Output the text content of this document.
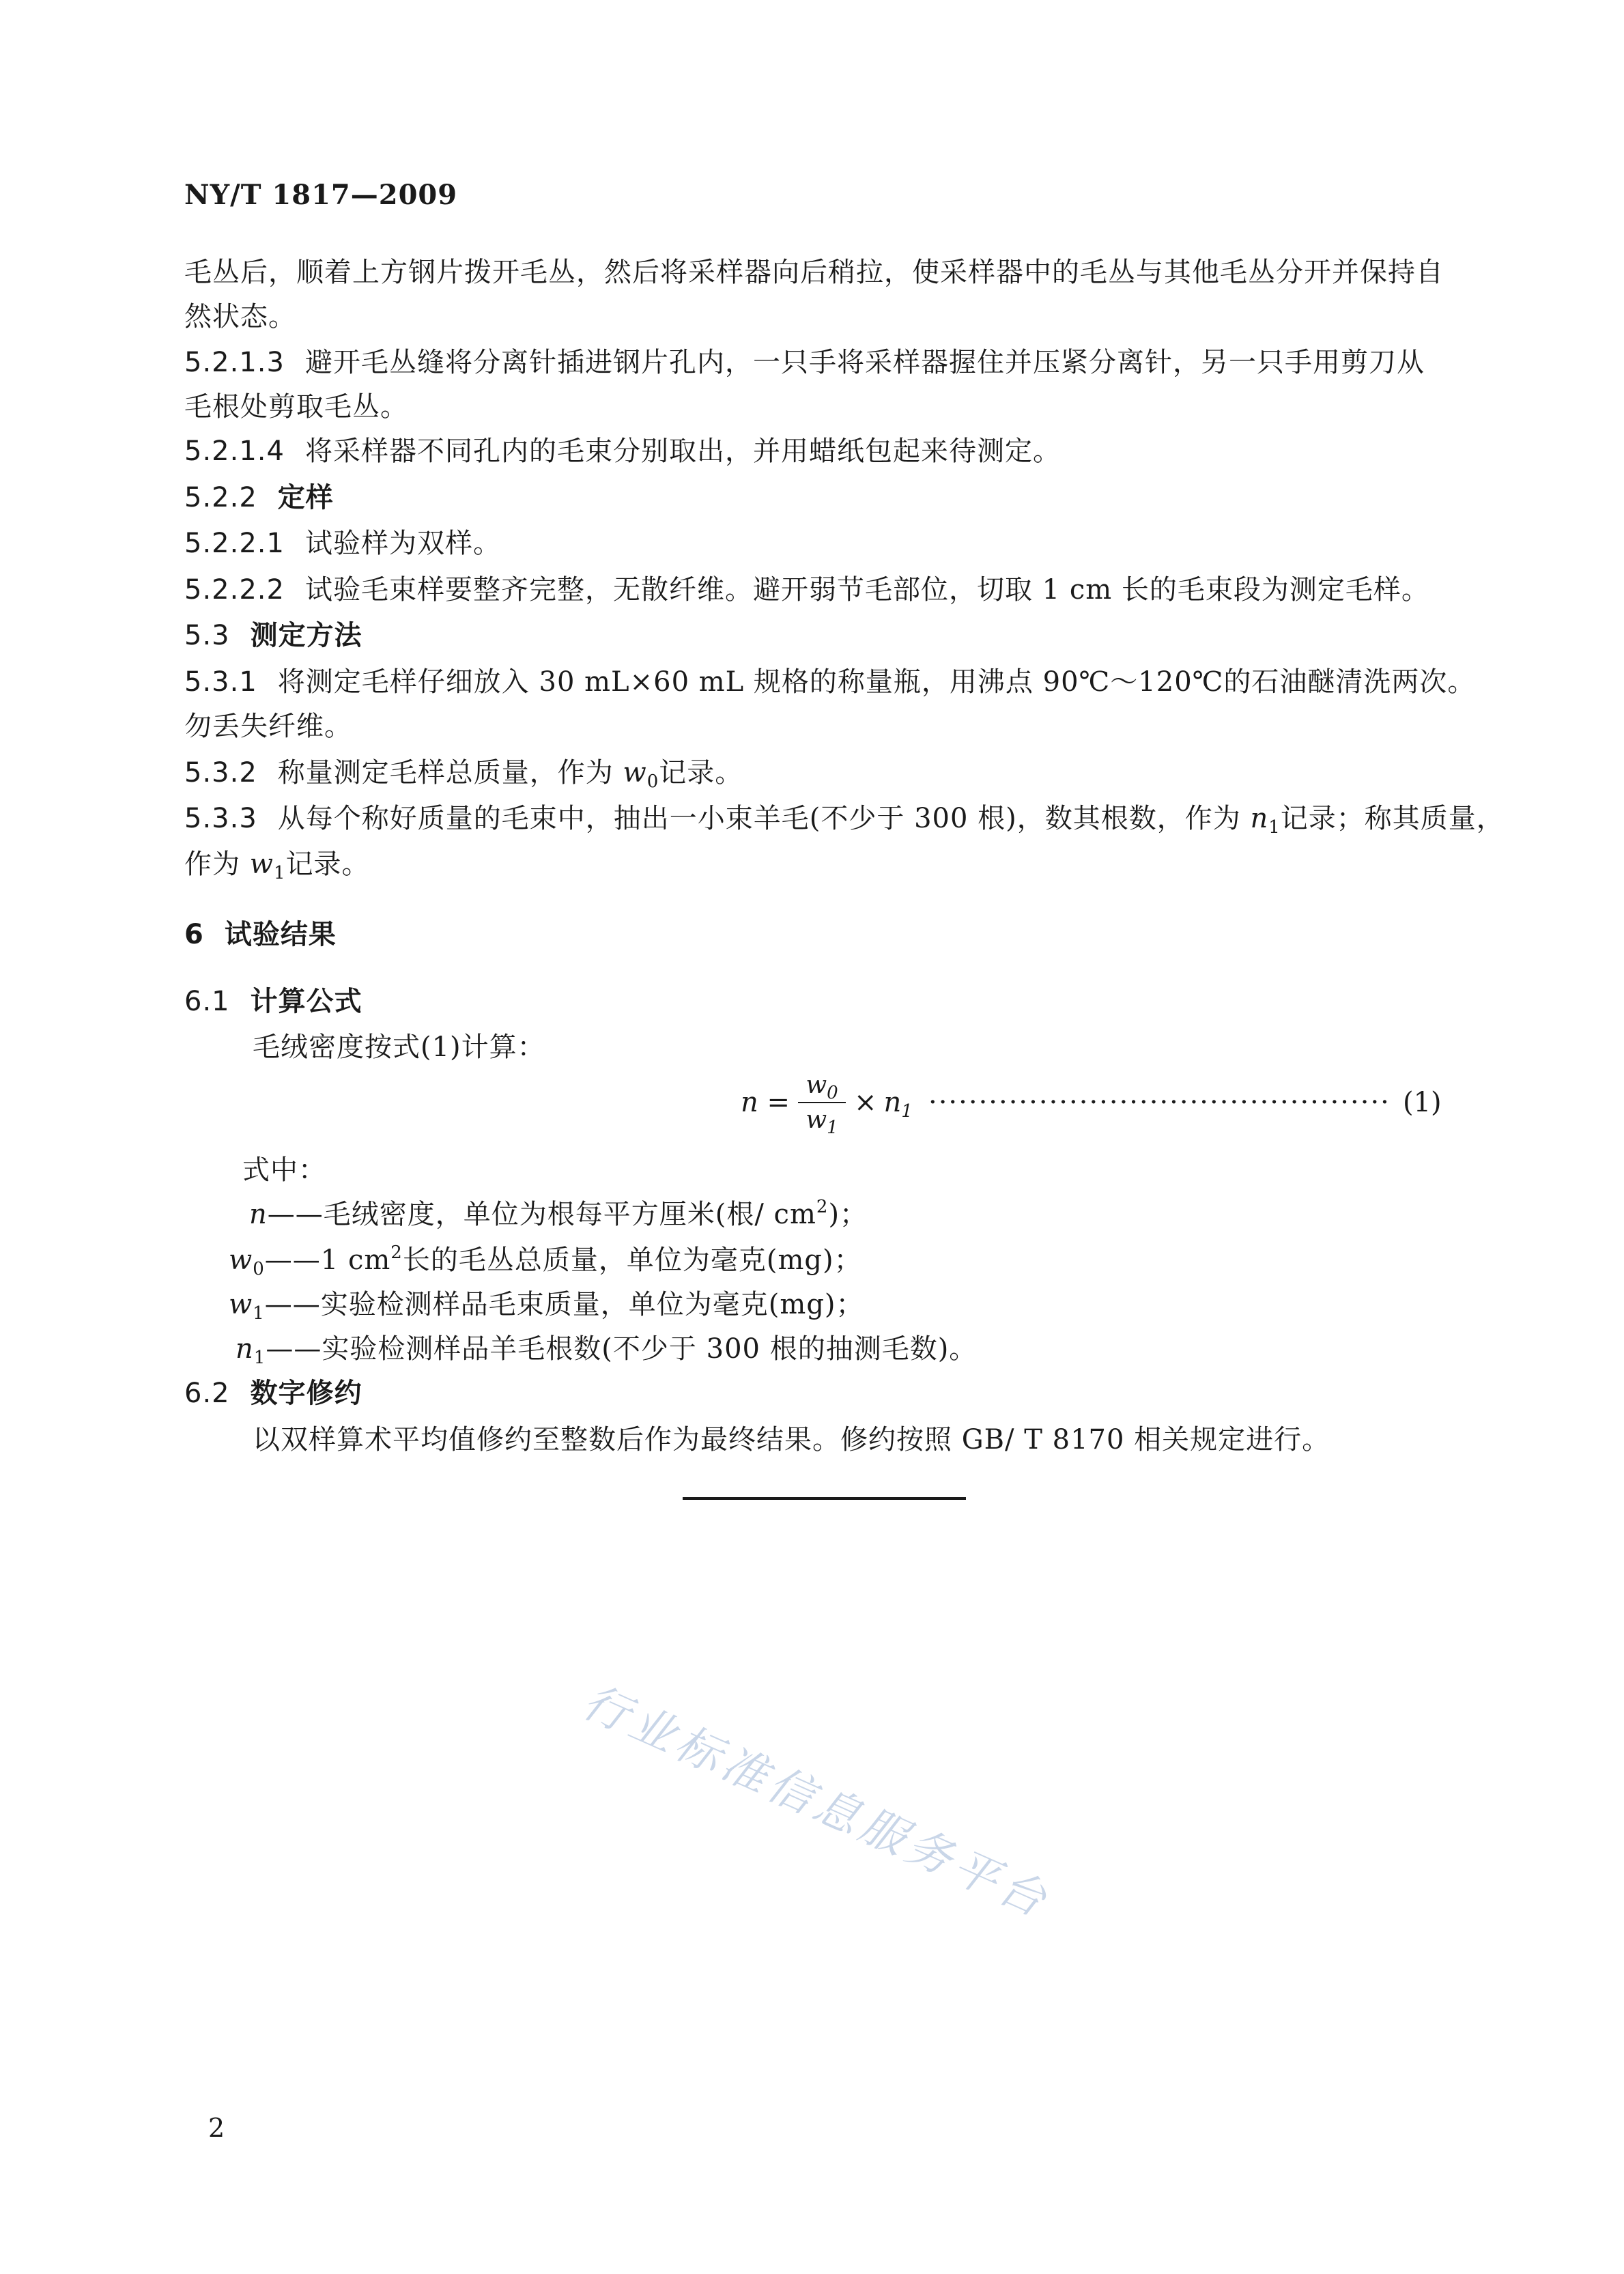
NY/T 1817—2009
毛丛后，顺着上方钢片拨开毛丛，然后将采样器向后稍拉，使采样器中的毛丛与其他毛丛分开并保持自
然状态。
5.2.1.3 避开毛丛缝将分离针插进钢片孔内，一只手将采样器握住并压紧分离针，另一只手用剪刀从
毛根处剪取毛丛。
5.2.1.4 将采样器不同孔内的毛束分别取出，并用蜡纸包起来待测定。
5.2.2 定样
5.2.2.1 试验样为双样。
5.2.2.2 试验毛束样要整齐完整，无散纤维。避开弱节毛部位，切取 1 cm 长的毛束段为测定毛样。
5.3 测定方法
5.3.1 将测定毛样仔细放入 30 mL×60 mL 规格的称量瓶，用沸点 90℃～120℃的石油醚清洗两次。
勿丢失纤维。
5.3.2 称量测定毛样总质量，作为 $w_0$记录。
5.3.3 从每个称好质量的毛束中，抽出一小束羊毛(不少于 300 根)，数其根数，作为 $n_1$记录；称其质量，
作为 $w_1$记录。
6 试验结果
6.1 计算公式
毛绒密度按式(1)计算：
$n = \frac{w_0}{w_1} \times n_1$ ·············································· (1)
式中：
n——毛绒密度，单位为根每平方厘米(根/ $cm^2$)；
$w_0——1$ $cm^2$长的毛丛总质量，单位为毫克(mg)；
$w_1——$实验检测样品毛束质量，单位为毫克(mg)；
$n_1——$实验检测样品羊毛根数(不少于 300 根的抽测毛数)。
6.2 数字修约
以双样算术平均值修约至整数后作为最终结果。修约按照 GB/ T 8170 相关规定进行。
行业标准信息服务平台
2
